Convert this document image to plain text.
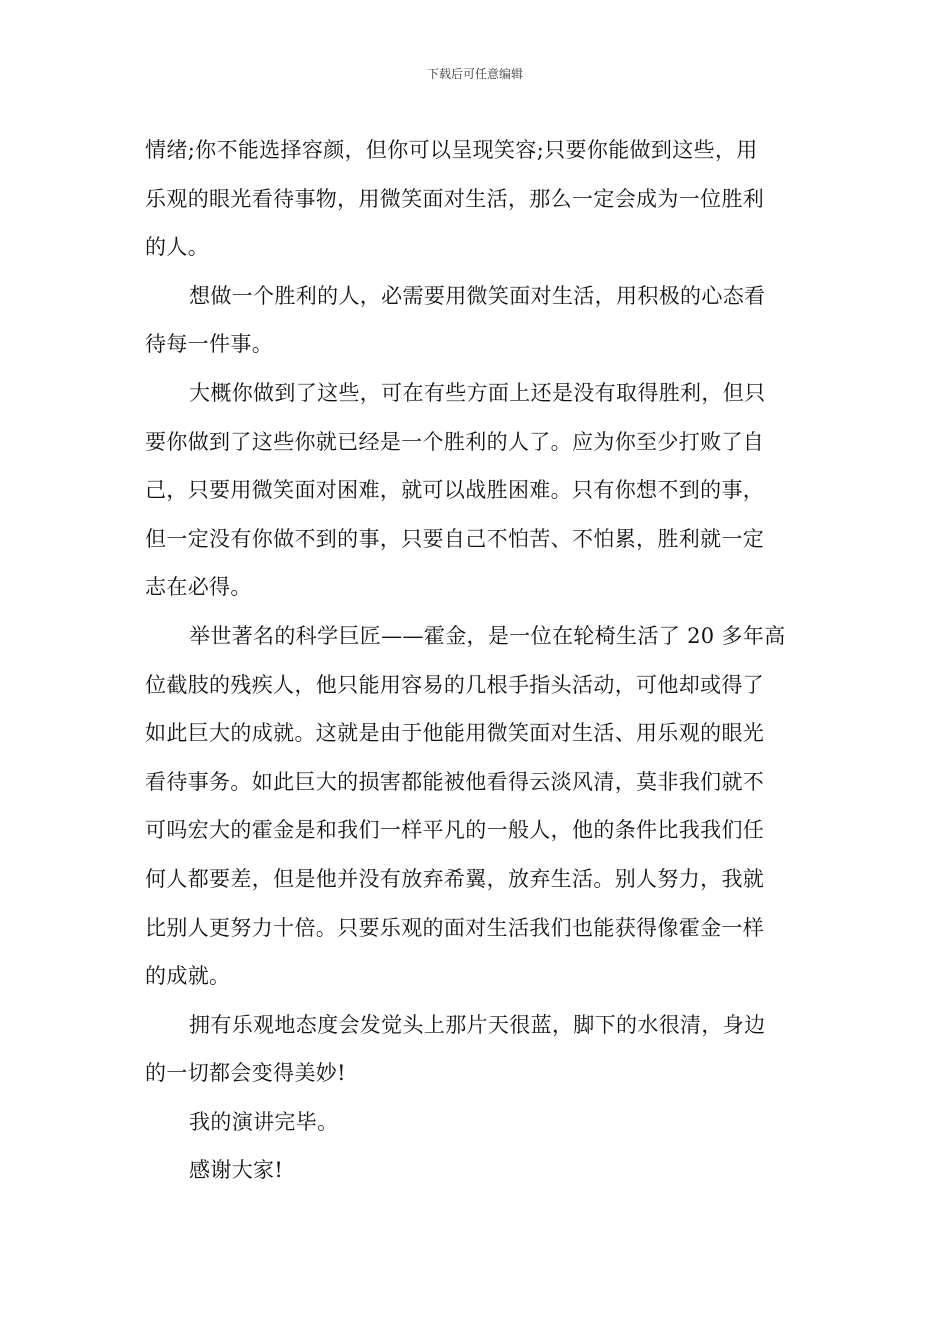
下载后可任意编辑
情绪;你不能选择容颜，但你可以呈现笑容;只要你能做到这些，用
乐观的眼光看待事物，用微笑面对生活，那么一定会成为一位胜利
的人。
想做一个胜利的人，必需要用微笑面对生活，用积极的心态看
待每一件事。
大概你做到了这些，可在有些方面上还是没有取得胜利，但只
要你做到了这些你就已经是一个胜利的人了。应为你至少打败了自
己，只要用微笑面对困难，就可以战胜困难。只有你想不到的事，
但一定没有你做不到的事，只要自己不怕苦、不怕累，胜利就一定
志在必得。
举世著名的科学巨匠——霍金，是一位在轮椅生活了 20 多年高
位截肢的残疾人，他只能用容易的几根手指头活动，可他却或得了
如此巨大的成就。这就是由于他能用微笑面对生活、用乐观的眼光
看待事务。如此巨大的损害都能被他看得云淡风清，莫非我们就不
可吗宏大的霍金是和我们一样平凡的一般人，他的条件比我我们任
何人都要差，但是他并没有放弃希翼，放弃生活。别人努力，我就
比别人更努力十倍。只要乐观的面对生活我们也能获得像霍金一样
的成就。
拥有乐观地态度会发觉头上那片天很蓝，脚下的水很清，身边
的一切都会变得美妙!
我的演讲完毕。
感谢大家!
